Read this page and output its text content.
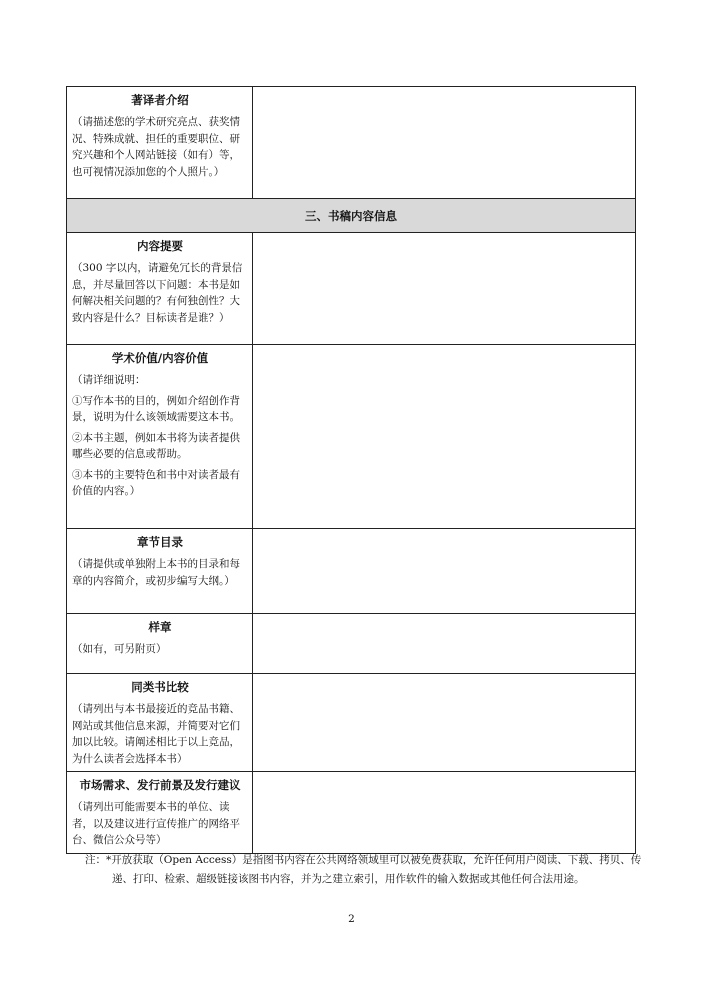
著译者介绍

（请描述您的学术研究亮点、获奖情况、特殊成就、担任的重要职位、研究兴趣和个人网站链接（如有）等，也可视情况添加您的个人照片。）	

三、书稿内容信息	

内容提要

（300 字以内，请避免冗长的背景信息，并尽量回答以下问题：本书是如何解决相关问题的？有何独创性？大致内容是什么？目标读者是谁？）	

学术价值/内容价值

（请详细说明：

①写作本书的目的，例如介绍创作背景，说明为什么该领域需要这本书。

②本书主题，例如本书将为读者提供哪些必要的信息或帮助。

③本书的主要特色和书中对读者最有价值的内容。）	

章节目录

（请提供或单独附上本书的目录和每章的内容简介，或初步编写大纲。）	

样章

（如有，可另附页）	

同类书比较

（请列出与本书最接近的竞品书籍、网站或其他信息来源，并简要对它们加以比较。请阐述相比于以上竞品，为什么读者会选择本书）	

市场需求、发行前景及发行建议

（请列出可能需要本书的单位、读者，以及建议进行宣传推广的网络平台、微信公众号等）	

注：*开放获取（Open Access）是指图书内容在公共网络领域里可以被免费获取，允许任何用户阅读、下载、拷贝、传递、打印、检索、超级链接该图书内容，并为之建立索引，用作软件的输入数据或其他任何合法用途。
2
